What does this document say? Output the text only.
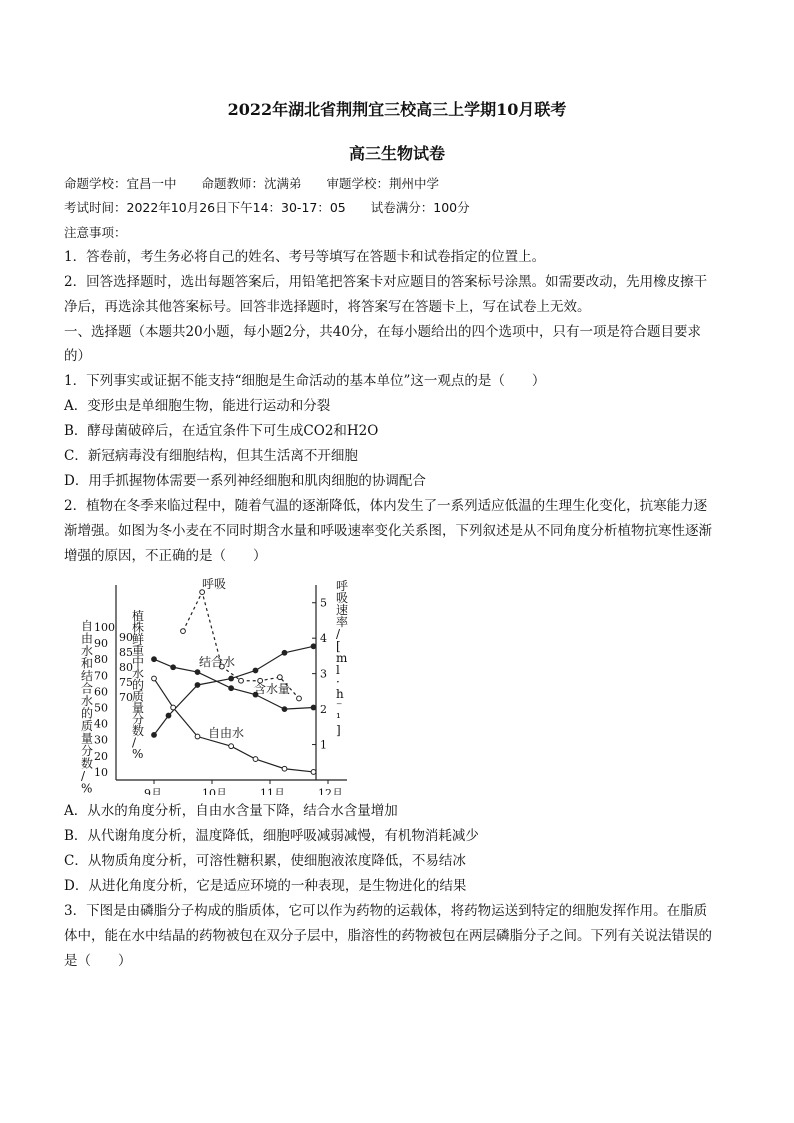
2022年湖北省荆荆宜三校高三上学期10月联考
高三生物试卷
命题学校：宜昌一中　　命题教师：沈满弟　　审题学校：荆州中学
考试时间：2022年10月26日下午14：30-17：05　　试卷满分：100分
注意事项：
1．答卷前，考生务必将自己的姓名、考号等填写在答题卡和试卷指定的位置上。
2．回答选择题时，选出每题答案后，用铅笔把答案卡对应题目的答案标号涂黑。如需要改动，先用橡皮擦干
净后，再选涂其他答案标号。回答非选择题时，将答案写在答题卡上，写在试卷上无效。
一、选择题（本题共20小题，每小题2分，共40分，在每小题给出的四个选项中，只有一项是符合题目要求
的）
1．下列事实或证据不能支持“细胞是生命活动的基本单位”这一观点的是（　　）
A．变形虫是单细胞生物，能进行运动和分裂
B．酵母菌破碎后，在适宜条件下可生成CO2和H2O
C．新冠病毒没有细胞结构，但其生活离不开细胞
D．用手抓握物体需要一系列神经细胞和肌肉细胞的协调配合
2．植物在冬季来临过程中，随着气温的逐渐降低，体内发生了一系列适应低温的生理生化变化，抗寒能力逐
渐增强。如图为冬小麦在不同时期含水量和呼吸速率变化关系图，下列叙述是从不同角度分析植物抗寒性逐渐
增强的原因，不正确的是（　　）
10
20
30
40
50
60
70
80
90
100
70
75
80
85
90
1
2
3
4
5
9月	10月	11月	12月
自由水和结合水的质量分数/ %
植株鲜重中水的质量分数/ %
呼吸速率/ [ m l · h ⁻ ¹ ]
呼吸
结合水
含水量
自由水
A．从水的角度分析，自由水含量下降，结合水含量增加
B．从代谢角度分析，温度降低，细胞呼吸减弱减慢，有机物消耗减少
C．从物质角度分析，可溶性糖积累，使细胞液浓度降低，不易结冰
D．从进化角度分析，它是适应环境的一种表现，是生物进化的结果
3．下图是由磷脂分子构成的脂质体，它可以作为药物的运载体，将药物运送到特定的细胞发挥作用。在脂质
体中，能在水中结晶的药物被包在双分子层中，脂溶性的药物被包在两层磷脂分子之间。下列有关说法错误的
是（　　）
